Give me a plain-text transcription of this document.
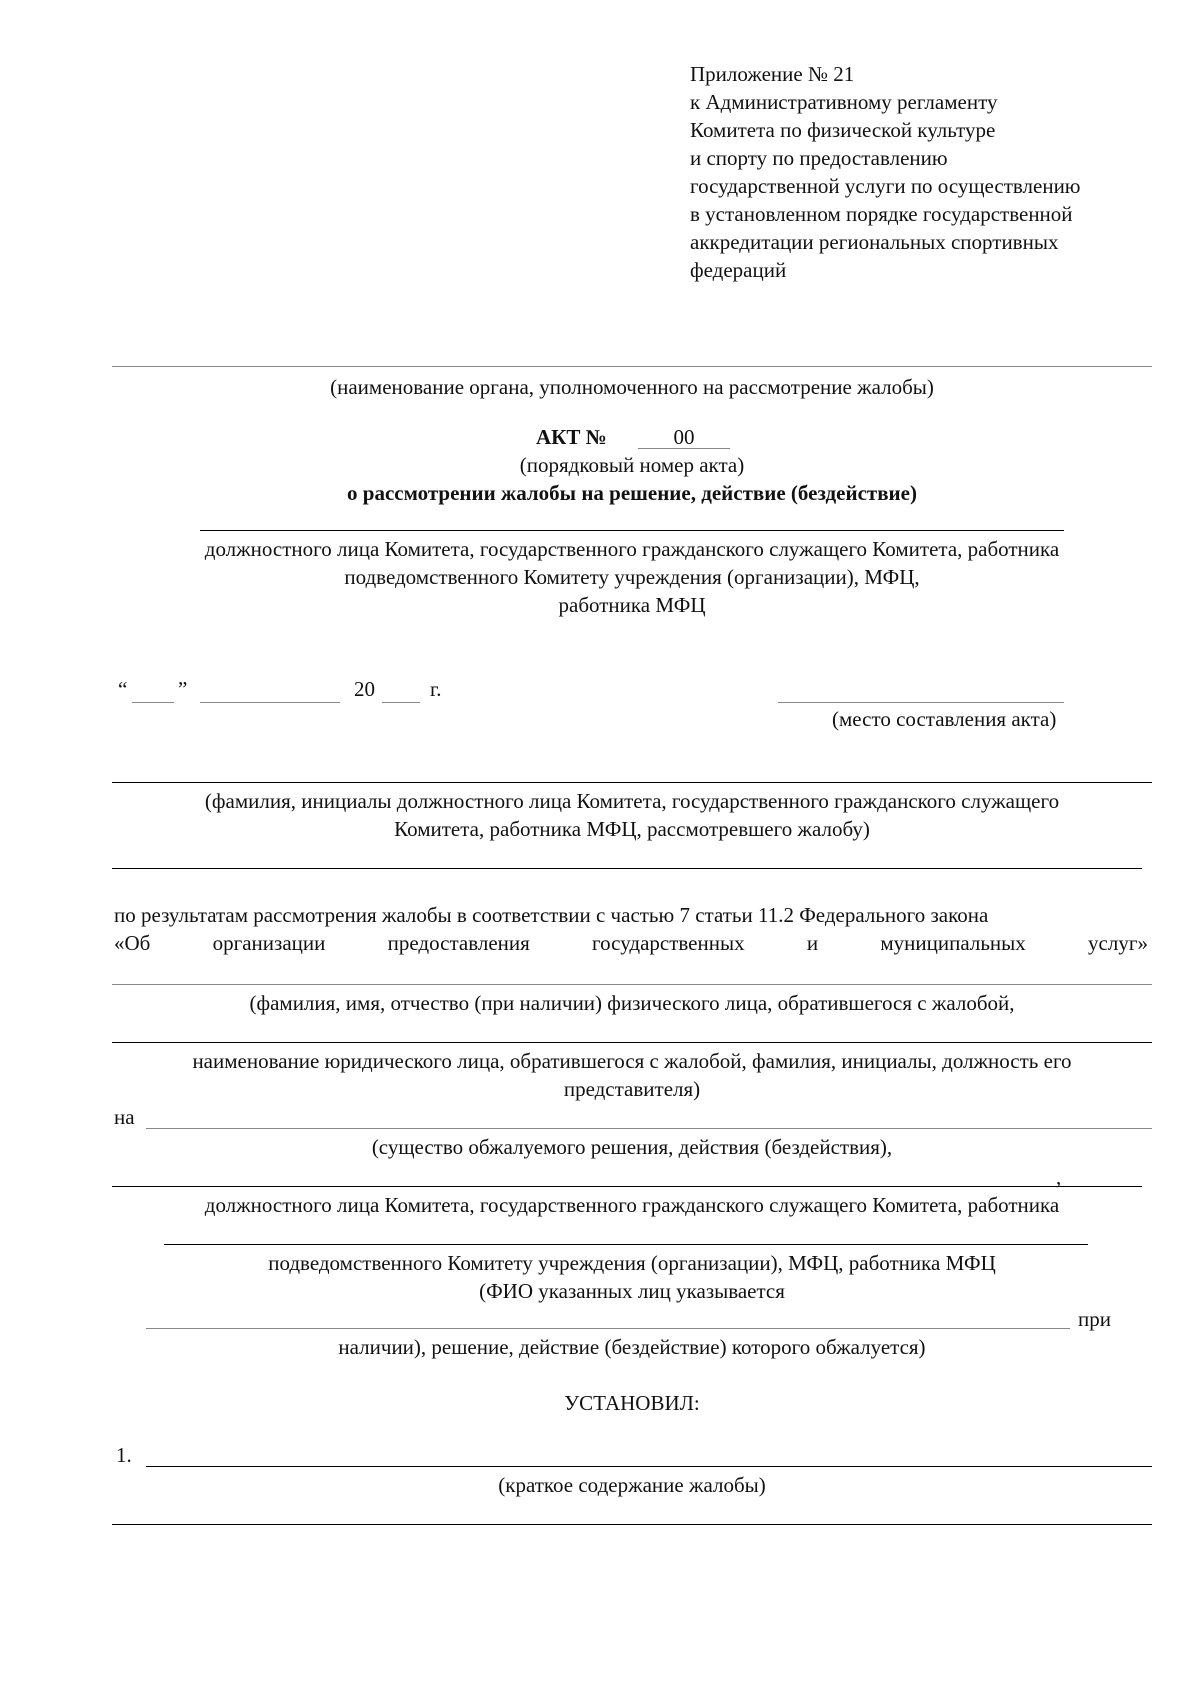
Приложение № 21
к Административному регламенту
Комитета по физической культуре
и спорту по предоставлению
государственной услуги по осуществлению
в установленном порядке государственной
аккредитации региональных спортивных
федераций
(наименование органа, уполномоченного на рассмотрение жалобы)
АКТ №	00
(порядковый номер акта)
о рассмотрении жалобы на решение, действие (бездействие)
должностного лица Комитета, государственного гражданского служащего Комитета, работника
подведомственного Комитету учреждения (организации), МФЦ,
работника МФЦ
“ ”	20	г.
(место составления акта)
(фамилия, инициалы должностного лица Комитета, государственного гражданского служащего
Комитета, работника МФЦ, рассмотревшего жалобу)
по результатам рассмотрения жалобы в соответствии с частью 7 статьи 11.2 Федерального закона
«Об	организации	предоставления	государственных	и	муниципальных	услуг»
(фамилия, имя, отчество (при наличии) физического лица, обратившегося с жалобой,
наименование юридического лица, обратившегося с жалобой, фамилия, инициалы, должность его
представителя)
на
(существо обжалуемого решения, действия (бездействия),
,
должностного лица Комитета, государственного гражданского служащего Комитета, работника
подведомственного Комитету учреждения (организации), МФЦ, работника МФЦ
(ФИО указанных лиц указывается
при
наличии), решение, действие (бездействие) которого обжалуется)
УСТАНОВИЛ:
1.
(краткое содержание жалобы)
